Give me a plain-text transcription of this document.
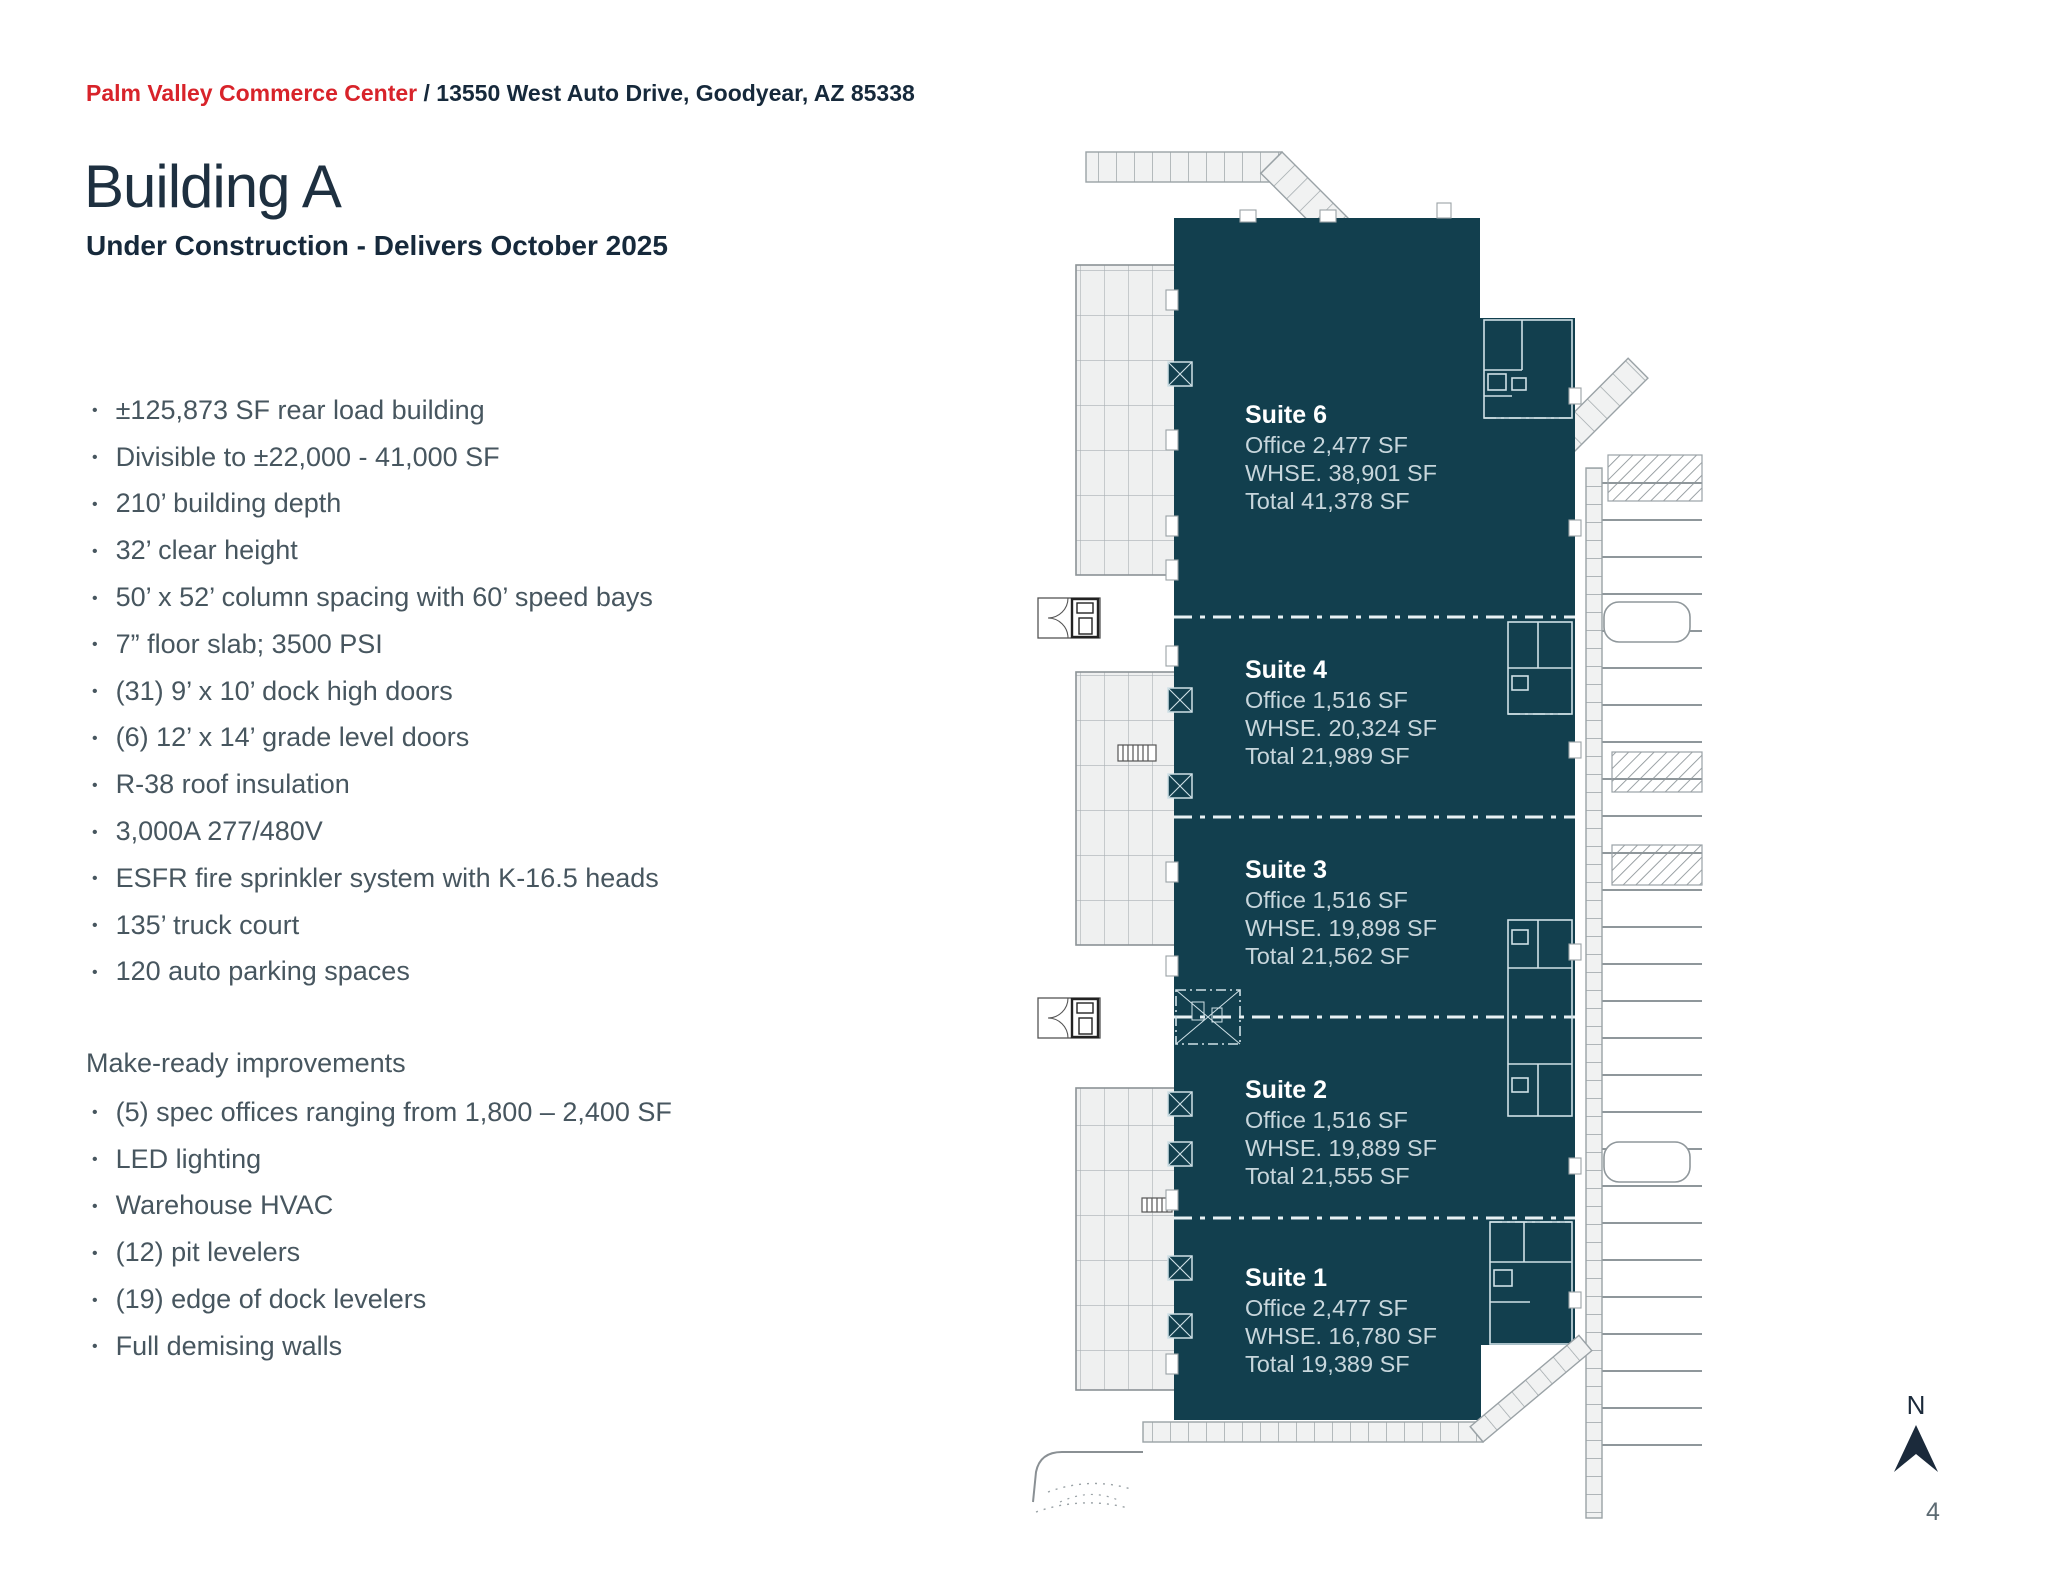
Palm Valley Commerce Center / 13550 West Auto Drive, Goodyear, AZ 85338
Building A
Under Construction - Delivers October 2025
• ±125,873 SF rear load building
• Divisible to ±22,000 - 41,000 SF
• 210’ building depth
• 32’ clear height
• 50’ x 52’ column spacing with 60’ speed bays
• 7” floor slab; 3500 PSI
• (31) 9’ x 10’ dock high doors
• (6) 12’ x 14’ grade level doors
• R-38 roof insulation
• 3,000A 277/480V
• ESFR fire sprinkler system with K-16.5 heads
• 135’ truck court
• 120 auto parking spaces
Make-ready improvements
• (5) spec offices ranging from 1,800 – 2,400 SF
• LED lighting
• Warehouse HVAC
• (12) pit levelers
• (19) edge of dock levelers
• Full demising walls
Suite 6
Office 2,477 SF
WHSE. 38,901 SF
Total 41,378 SF
Suite 4
Office 1,516 SF
WHSE. 20,324 SF
Total 21,989 SF
Suite 3
Office 1,516 SF
WHSE. 19,898 SF
Total 21,562 SF
Suite 2
Office 1,516 SF
WHSE. 19,889 SF
Total 21,555 SF
Suite 1
Office 2,477 SF
WHSE. 16,780 SF
Total 19,389 SF
N
4
